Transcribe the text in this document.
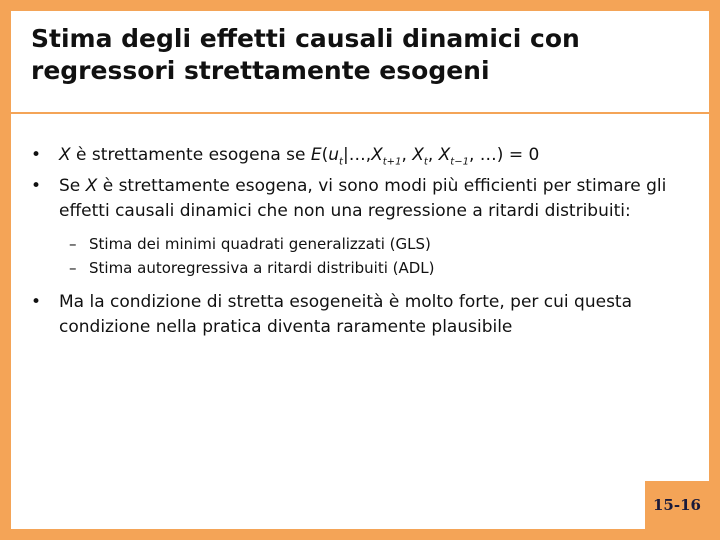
Stima degli effetti causali dinamici con regressori strettamente esogeni
•	X è strettamente esogena se $E(u_t|\dots,X_{t+1}$, $X_t$, $X_{t-1}$, …) = 0
•	Se X è strettamente esogena, vi sono modi più efficienti per stimare gli effetti causali dinamici che non una regressione a ritardi distribuiti:
– Stima dei minimi quadrati generalizzati (GLS)
– Stima autoregressiva a ritardi distribuiti (ADL)
•	Ma la condizione di stretta esogeneità è molto forte, per cui questa condizione nella pratica diventa raramente plausibile
15-16
